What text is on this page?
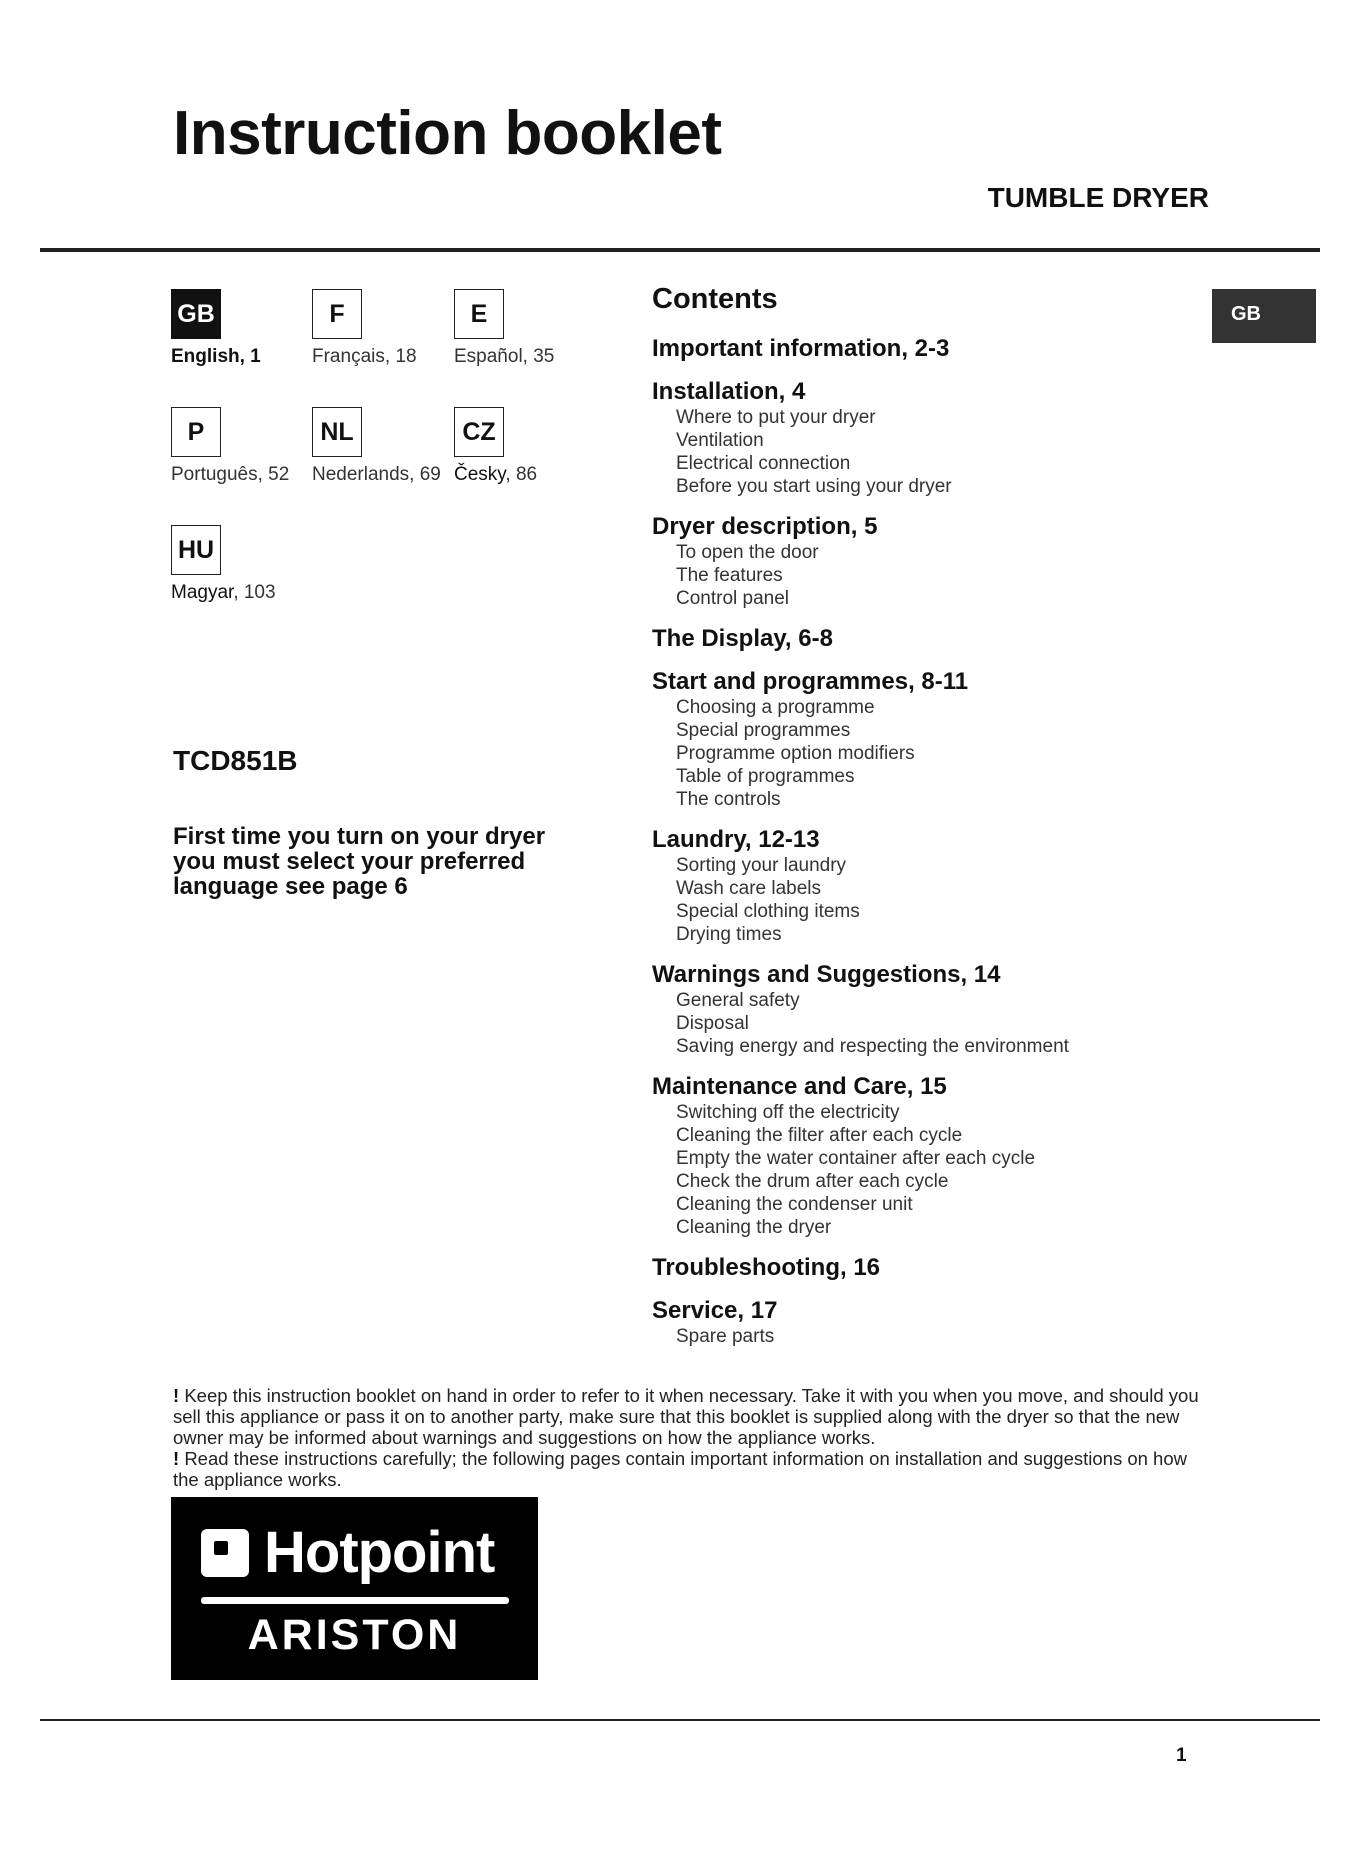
Instruction booklet
TUMBLE DRYER
GB
English, 1
F
Français, 18
E
Español, 35
P
Português, 52
NL
Nederlands, 69
CZ
Česky, 86
HU
Magyar, 103
TCD851B
First time you turn on your dryer you must select your preferred language see page 6
Contents
Important information, 2-3
Installation, 4
Where to put your dryer
Ventilation
Electrical connection
Before you start using your dryer
Dryer description, 5
To open the door
The features
Control panel
The Display, 6-8
Start and programmes, 8-11
Choosing a programme
Special programmes
Programme option modifiers
Table of programmes
The controls
Laundry, 12-13
Sorting your laundry
Wash care labels
Special clothing items
Drying times
Warnings and Suggestions, 14
General safety
Disposal
Saving energy and respecting the environment
Maintenance and Care, 15
Switching off the electricity
Cleaning the filter after each cycle
Empty the water container after each cycle
Check the drum after each cycle
Cleaning the condenser unit
Cleaning the dryer
Troubleshooting, 16
Service, 17
Spare parts
GB
! Keep this instruction booklet on hand in order to refer to it when necessary. Take it with you when you move, and should you sell this appliance or pass it on to another party, make sure that this booklet is supplied along with the dryer so that the new owner may be informed about warnings and suggestions on how the appliance works.
! Read these instructions carefully; the following pages contain important information on installation and suggestions on how the appliance works.
Hotpoint
ARISTON
1
